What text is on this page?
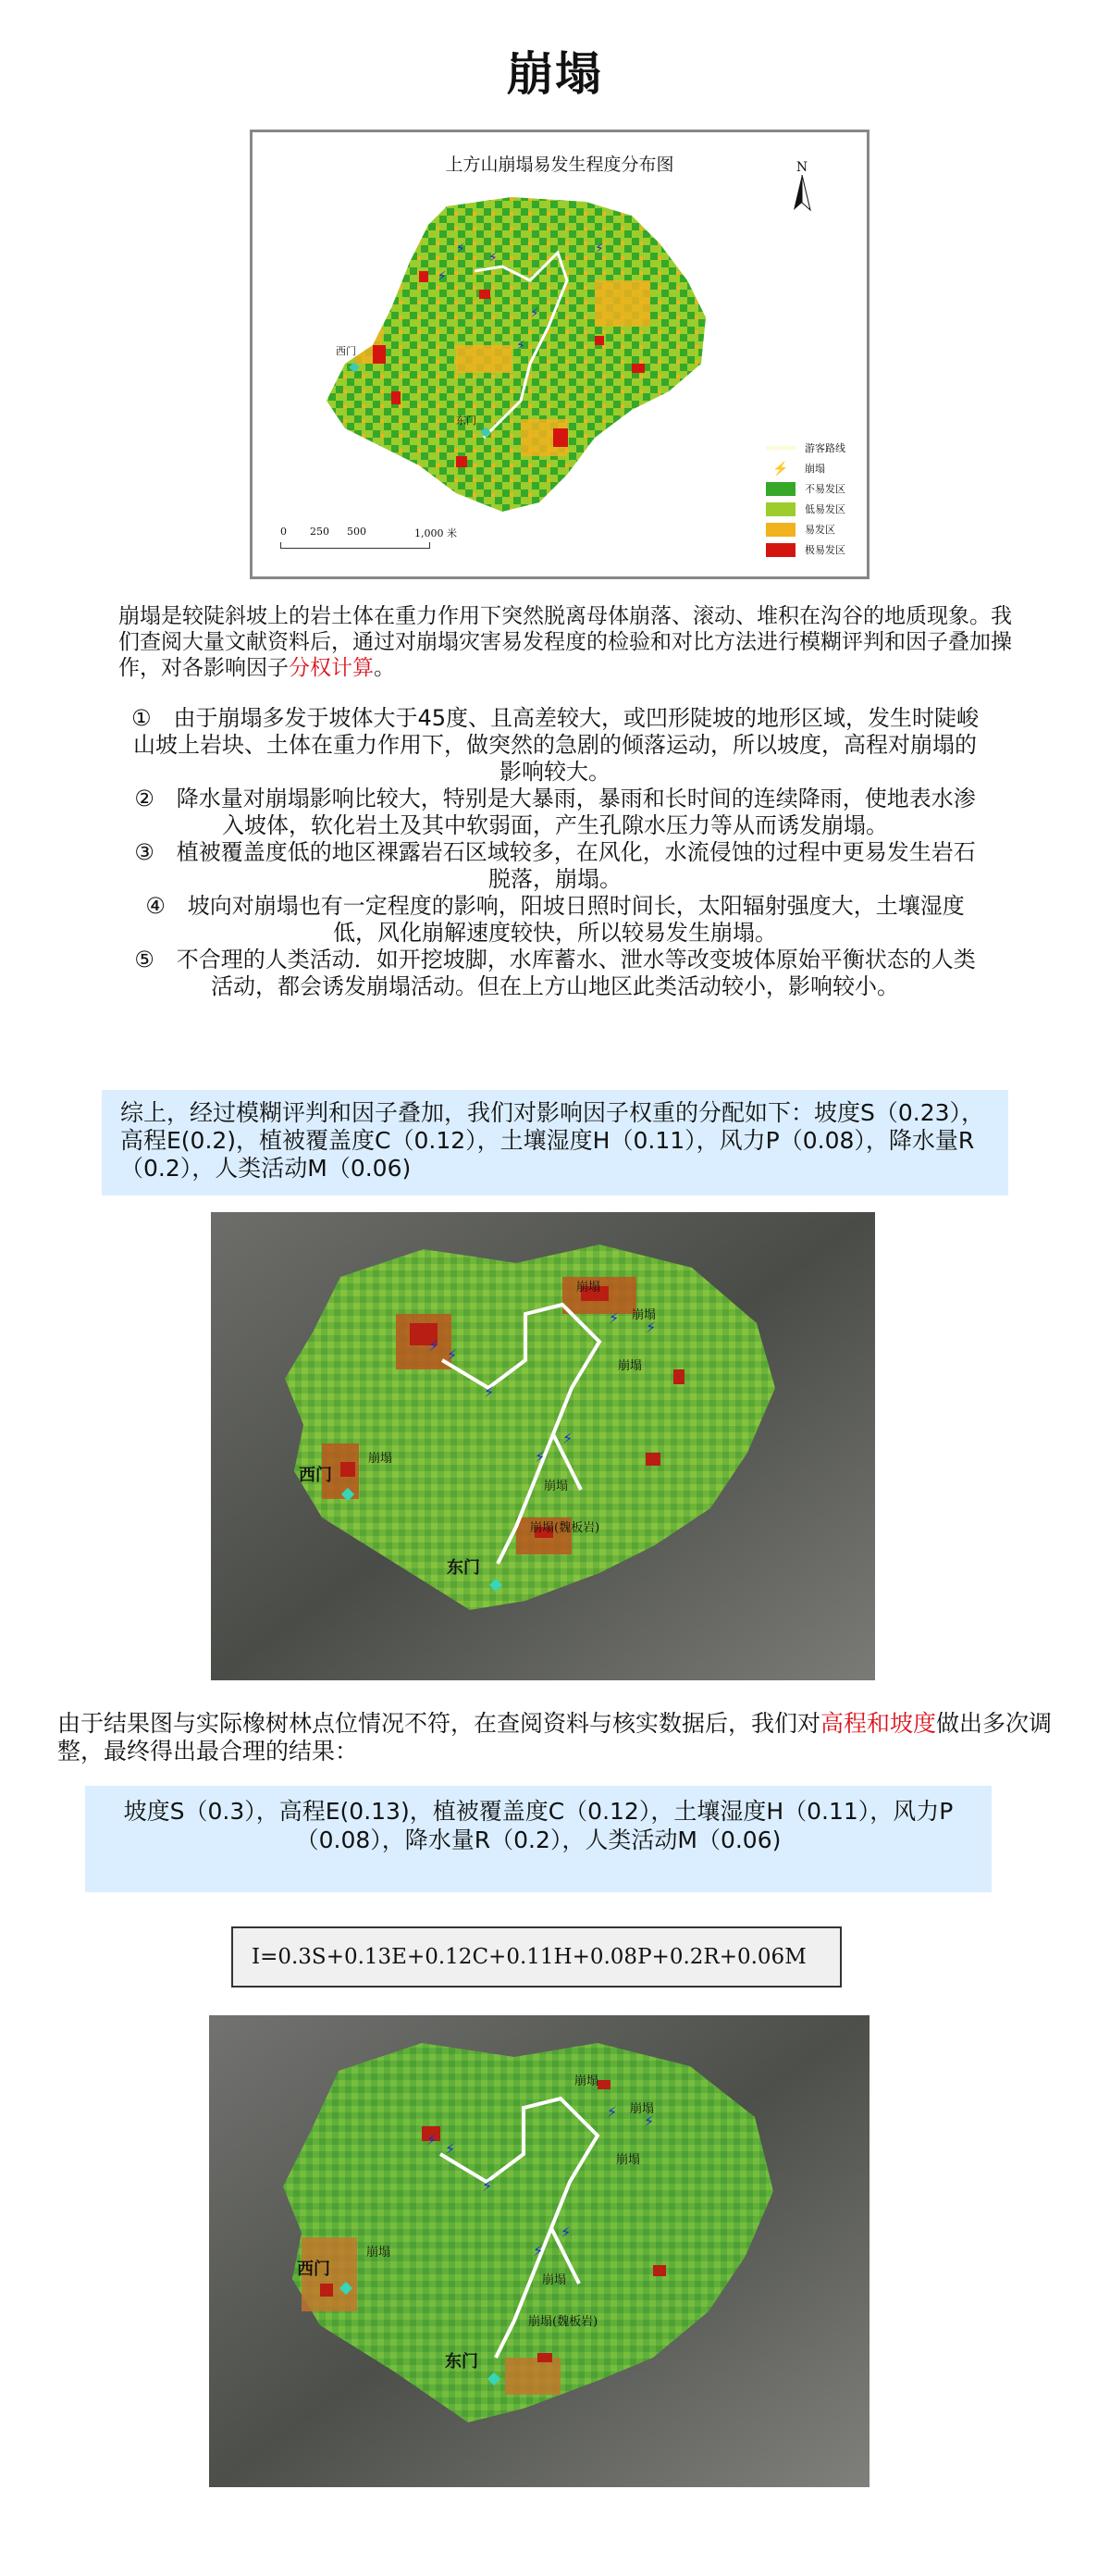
崩塌
上方山崩塌易发生程度分布图	N
⚡
⚡
⚡
⚡
⚡
⚡
西门
东门
游客路线
⚡	崩塌
不易发区
低易发区
易发区
极易发区
0 250 500	1,000 米
崩塌是较陡斜坡上的岩土体在重力作用下突然脱离母体崩落、滚动、堆积在沟谷的地质现象。我们查阅大量文献资料后，通过对崩塌灾害易发程度的检验和对比方法进行模糊评判和因子叠加操作，对各影响因子分权计算。

①　由于崩塌多发于坡体大于45度、且高差较大，或凹形陡坡的地形区域，发生时陡峻山坡上岩块、土体在重力作用下，做突然的急剧的倾落运动，所以坡度，高程对崩塌的影响较大。

②　降水量对崩塌影响比较大，特别是大暴雨，暴雨和长时间的连续降雨，使地表水渗入坡体，软化岩土及其中软弱面，产生孔隙水压力等从而诱发崩塌。

③　植被覆盖度低的地区裸露岩石区域较多，在风化，水流侵蚀的过程中更易发生岩石脱落，崩塌。

④　坡向对崩塌也有一定程度的影响，阳坡日照时间长，太阳辐射强度大，土壤湿度低，风化崩解速度较快，所以较易发生崩塌。

⑤　不合理的人类活动．如开挖坡脚，水库蓄水、泄水等改变坡体原始平衡状态的人类活动，都会诱发崩塌活动。但在上方山地区此类活动较小，影响较小。

综上，经过模糊评判和因子叠加，我们对影响因子权重的分配如下：坡度S（0.23），高程E(0.2)，植被覆盖度C（0.12），土壤湿度H（0.11），风力P（0.08），降水量R（0.2），人类活动M（0.06)
⚡
⚡
⚡
⚡
⚡
⚡
⚡
崩塌
崩塌
崩塌
崩塌
崩塌
崩塌(魏板岩)
西门
东门
由于结果图与实际橡树林点位情况不符，在查阅资料与核实数据后，我们对高程和坡度做出多次调整，最终得出最合理的结果：
坡度S（0.3），高程E(0.13)，植被覆盖度C（0.12），土壤湿度H（0.11），风力P（0.08），降水量R（0.2），人类活动M（0.06)
I=0.3S+0.13E+0.12C+0.11H+0.08P+0.2R+0.06M
⚡
⚡
⚡
⚡
⚡
⚡
⚡
崩塌
崩塌
崩塌
崩塌
崩塌
崩塌(魏板岩)
西门
东门
